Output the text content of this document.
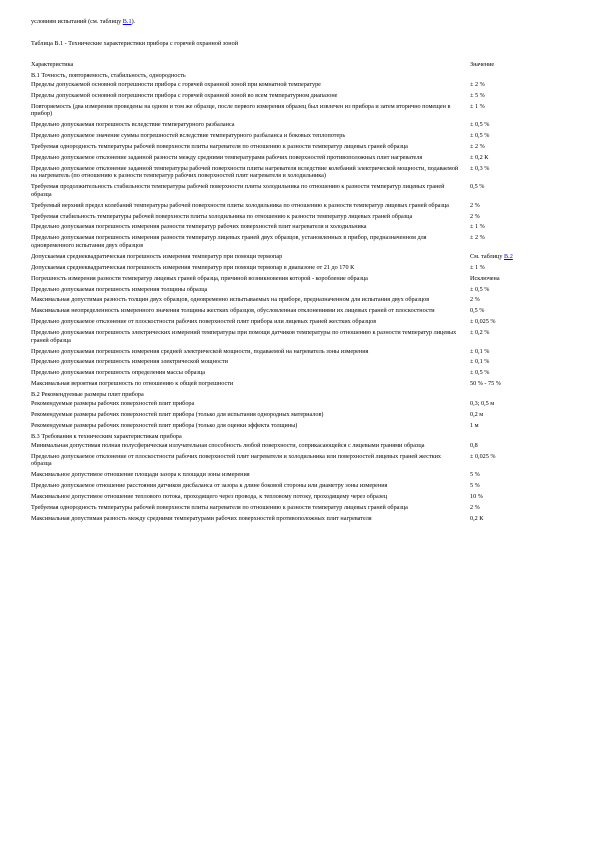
условиям испытаний (см. таблицу В.1).
Таблица В.1 - Технические характеристики прибора с горячей охранной зоной
Характеристика	Значение
В.1 Точность, повторяемость, стабильность, однородность	
Пределы допускаемой основной погрешности прибора с горячей охранной зоной при комнатной температуре	± 2 %
Пределы допускаемой основной погрешности прибора с горячей охранной зоной во всем температурном диапазоне	± 5 %
Повторяемость (два измерения проведены на одном и том же образце, после первого измерения образец был извлечен из прибора и затем вторично помещен в прибор)	± 1 %
Предельно допускаемая погрешность вследствие температурного разбаланса	± 0,5 %
Предельно допускаемое значение суммы погрешностей вследствие температурного разбаланса и боковых теплопотерь	± 0,5 %
Требуемая однородность температуры рабочей поверхности плиты нагревателя по отношению к разности температур лицевых граней образца	± 2 %
Предельно допускаемое отклонение заданной разности между средними температурами рабочих поверхностей противоположных плит нагревателя	± 0,2 К
Предельно допускаемое отклонение заданной температуры рабочей поверхности плиты нагревателя вследствие колебаний электрической мощности, подаваемой на нагреватель (по отношению к разности температур рабочих поверхностей плит нагревателя и холодильника)	± 0,3 %
Требуемая продолжительность стабильности температуры рабочей поверхности плиты холодильника по отношению к разности температур лицевых граней образца	0,5 %
Требуемый верхний предел колебаний температуры рабочей поверхности плиты холодильника по отношению к разности температур лицевых граней образца	2 %
Требуемая стабильность температуры рабочей поверхности плиты холодильника по отношению к разности температур лицевых граней образца	2 %
Предельно допускаемая погрешность измерения разности температур рабочих поверхностей плит нагревателя и холодильника	± 1 %
Предельно допускаемая погрешность измерения разности температур лицевых граней двух образцов, установленных в прибор, предназначенном для одновременного испытания двух образцов	± 2 %
Допускаемая среднеквадратическая погрешность измерения температур при помощи термопар	См. таблицу В.2
Допускаемая среднеквадратическая погрешность измерения температур при помощи термопар в диапазоне от 21 до 170 К	± 1 %
Погрешность измерения разности температур лицевых граней образца, причиной возникновения которой - коробление образца	Исключена
Предельно допускаемая погрешность измерения толщины образца	± 0,5 %
Максимальная допустимая разность толщин двух образцов, одновременно испытываемых на приборе, предназначенном для испытания двух образцов	2 %
Максимальная неопределенность измеренного значения толщины жестких образцов, обусловленная отклонениями их лицевых граней от плоскостности	0,5 %
Предельно допускаемое отклонение от плоскостности рабочих поверхностей плит прибора или лицевых граней жестких образцов	± 0,025 %
Предельно допускаемая погрешность электрических измерений температуры при помощи датчиков температуры по отношению к разности температур лицевых граней образца	± 0,2 %
Предельно допускаемая погрешность измерения средней электрической мощности, подаваемой на нагреватель зоны измерения	± 0,1 %
Предельно допускаемая погрешность измерения электрической мощности	± 0,1 %
Предельно допускаемая погрешность определения массы образца	± 0,5 %
Максимальная вероятная погрешность по отношению к общей погрешности	50 % - 75 %
В.2 Рекомендуемые размеры плит прибора	
Рекомендуемые размеры рабочих поверхностей плит прибора	0,3; 0,5 м
Рекомендуемые размеры рабочих поверхностей плит прибора (только для испытания однородных материалов)	0,2 м
Рекомендуемые размеры рабочих поверхностей плит прибора (только для оценки эффекта толщины)	1 м
В.3 Требования к техническим характеристикам прибора	
Минимальная допустимая полная полусферическая излучательная способность любой поверхности, соприкасающейся с лицевыми гранями образца	0,8
Предельно допускаемое отклонение от плоскостности рабочих поверхностей плит нагревателя и холодильника или поверхностей лицевых граней жестких образца	± 0,025 %
Максимальное допустимое отношение площади зазора к площади зоны измерения	5 %
Предельно допускаемое отношение расстояния датчиков дисбаланса от зазора к длине боковой стороны или диаметру зоны измерения	5 %
Максимальное допустимое отношение теплового потока, проходящего через провода, к тепловому потоку, проходящему через образец	10 %
Требуемая однородность температуры рабочей поверхности плиты нагревателя по отношению к разности температур лицевых граней образца	2 %
Максимальная допустимая разность между средними температурами рабочих поверхностей противоположных плит нагревателя	0,2 К
